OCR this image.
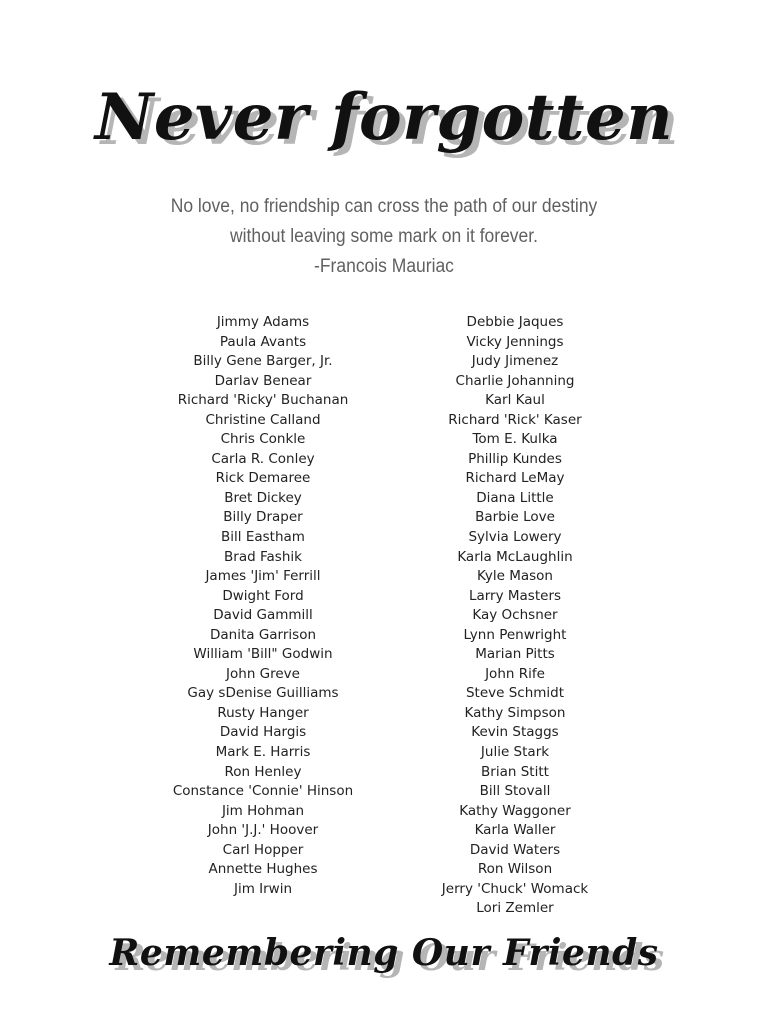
Never forgotten
No love, no friendship can cross the path of our destiny
without leaving some mark on it forever.
-Francois Mauriac
Jimmy Adams
Paula Avants
Billy Gene Barger, Jr.
Darlav Benear
Richard 'Ricky' Buchanan
Christine Calland
Chris Conkle
Carla R. Conley
Rick Demaree
Bret Dickey
Billy Draper
Bill Eastham
Brad Fashik
James 'Jim' Ferrill
Dwight Ford
David Gammill
Danita Garrison
William 'Bill" Godwin
John Greve
Gay sDenise Guilliams
Rusty Hanger
David Hargis
Mark E. Harris
Ron Henley
Constance 'Connie' Hinson
Jim Hohman
John 'J.J.' Hoover
Carl Hopper
Annette Hughes
Jim Irwin
Debbie Jaques
Vicky Jennings
Judy Jimenez
Charlie Johanning
Karl Kaul
Richard 'Rick' Kaser
Tom E. Kulka
Phillip Kundes
Richard LeMay
Diana Little
Barbie Love
Sylvia Lowery
Karla McLaughlin
Kyle Mason
Larry Masters
Kay Ochsner
Lynn Penwright
Marian Pitts
John Rife
Steve Schmidt
Kathy Simpson
Kevin Staggs
Julie Stark
Brian Stitt
Bill Stovall
Kathy Waggoner
Karla Waller
David Waters
Ron Wilson
Jerry 'Chuck' Womack
Lori Zemler
Remembering Our Friends
